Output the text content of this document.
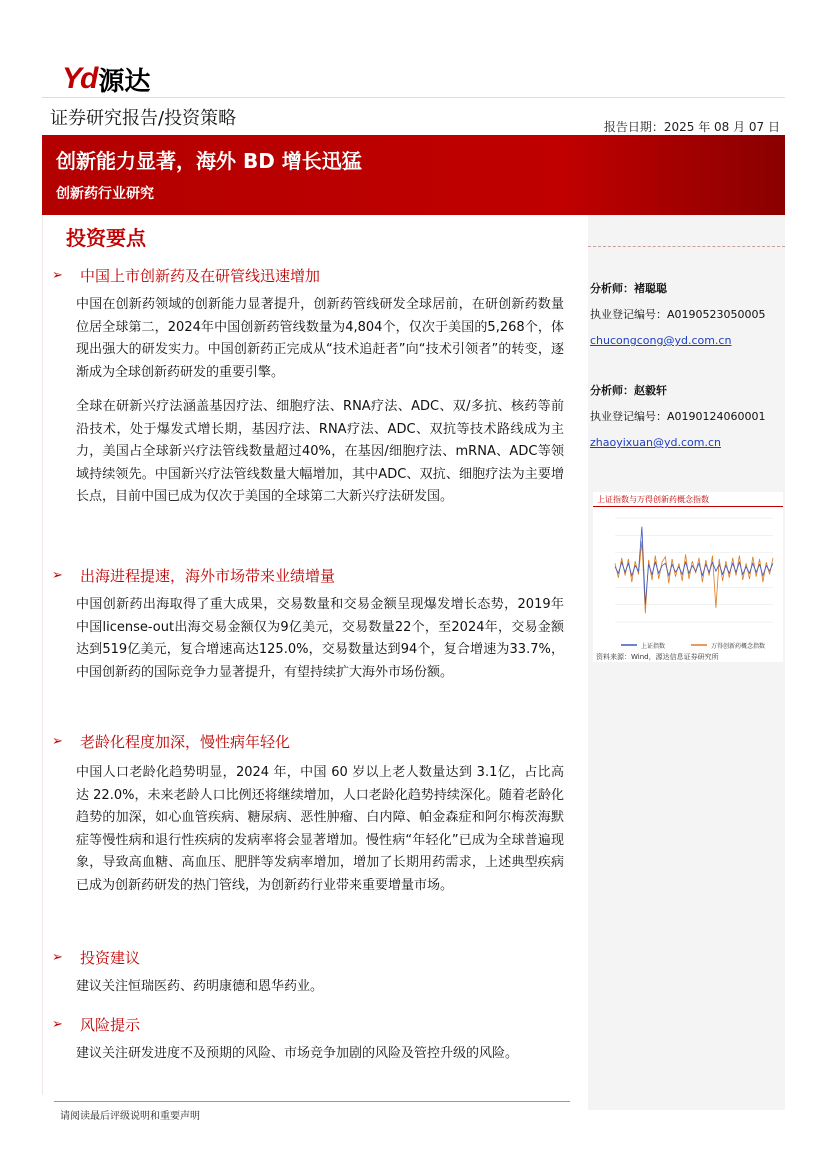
Yd 源达
证券研究报告/投资策略	报告日期：2025 年 08 月 07 日
创新能力显著，海外 BD 增长迅猛
创新药行业研究
投资要点
➢ 中国上市创新药及在研管线迅速增加
中国在创新药领域的创新能力显著提升，创新药管线研发全球居前，在研创新药数量位居全球第二，2024年中国创新药管线数量为4,804个，仅次于美国的5,268个，体现出强大的研发实力。中国创新药正完成从“技术追赶者”向“技术引领者”的转变，逐渐成为全球创新药研发的重要引擎。
全球在研新兴疗法涵盖基因疗法、细胞疗法、RNA疗法、ADC、双/多抗、核药等前沿技术，处于爆发式增长期，基因疗法、RNA疗法、ADC、双抗等技术路线成为主力，美国占全球新兴疗法管线数量超过40%，在基因/细胞疗法、mRNA、ADC等领域持续领先。中国新兴疗法管线数量大幅增加，其中ADC、双抗、细胞疗法为主要增长点，目前中国已成为仅次于美国的全球第二大新兴疗法研发国。
➢ 出海进程提速，海外市场带来业绩增量
中国创新药出海取得了重大成果，交易数量和交易金额呈现爆发增长态势，2019年中国license-out出海交易金额仅为9亿美元，交易数量22个，至2024年，交易金额达到519亿美元，复合增速高达125.0%，交易数量达到94个，复合增速为33.7%，中国创新药的国际竞争力显著提升，有望持续扩大海外市场份额。
➢ 老龄化程度加深，慢性病年轻化
中国人口老龄化趋势明显，2024 年，中国 60 岁以上老人数量达到 3.1亿，占比高达 22.0%，未来老龄人口比例还将继续增加，人口老龄化趋势持续深化。随着老龄化趋势的加深，如心血管疾病、糖尿病、恶性肿瘤、白内障、帕金森症和阿尔梅茨海默症等慢性病和退行性疾病的发病率将会显著增加。慢性病“年轻化”已成为全球普遍现象，导致高血糖、高血压、肥胖等发病率增加，增加了长期用药需求，上述典型疾病已成为创新药研发的热门管线，为创新药行业带来重要增量市场。
➢ 投资建议
建议关注恒瑞医药、药明康德和恩华药业。
➢ 风险提示
建议关注研发进度不及预期的风险、市场竞争加剧的风险及管控升级的风险。
分析师：褚聪聪
执业登记编号：A0190523050005
chucongcong@yd.com.cn
分析师：赵毅轩
执业登记编号：A0190124060001
zhaoyixuan@yd.com.cn
上证指数与万得创新药概念指数
上证指数	万得创新药概念指数
资料来源：Wind，源达信息证券研究所
请阅读最后评级说明和重要声明
